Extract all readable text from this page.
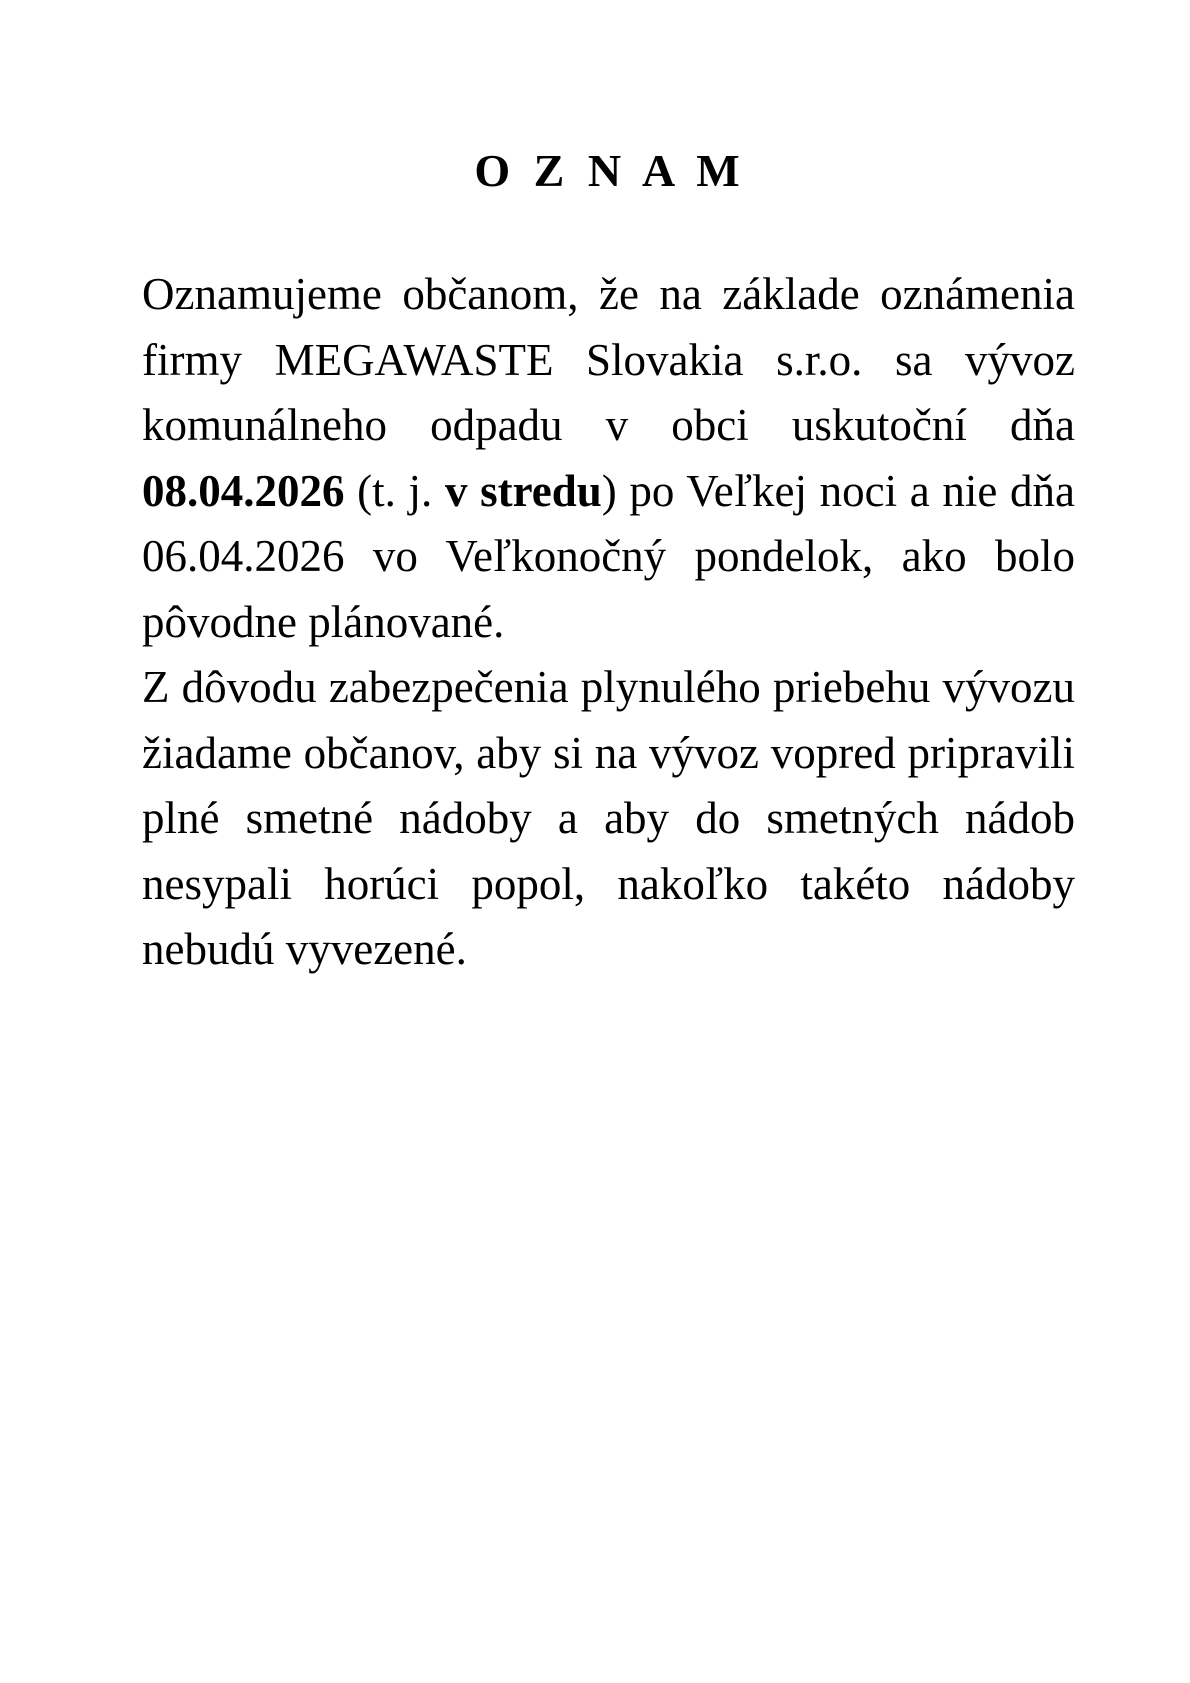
O Z N A M

Oznamujeme občanom, že na základe oznámenia firmy MEGAWASTE Slovakia s.r.o. sa vývoz komunálneho odpadu v obci uskutoční dňa 08.04.2026 (t. j. v stredu) po Veľkej noci a nie dňa 06.04.2026 vo Veľkonočný pondelok, ako bolo pôvodne plánované.

Z dôvodu zabezpečenia plynulého priebehu vývozu žiadame občanov, aby si na vývoz vopred pripravili plné smetné nádoby a aby do smetných nádob nesypali horúci popol, nakoľko takéto nádoby nebudú vyvezené.
